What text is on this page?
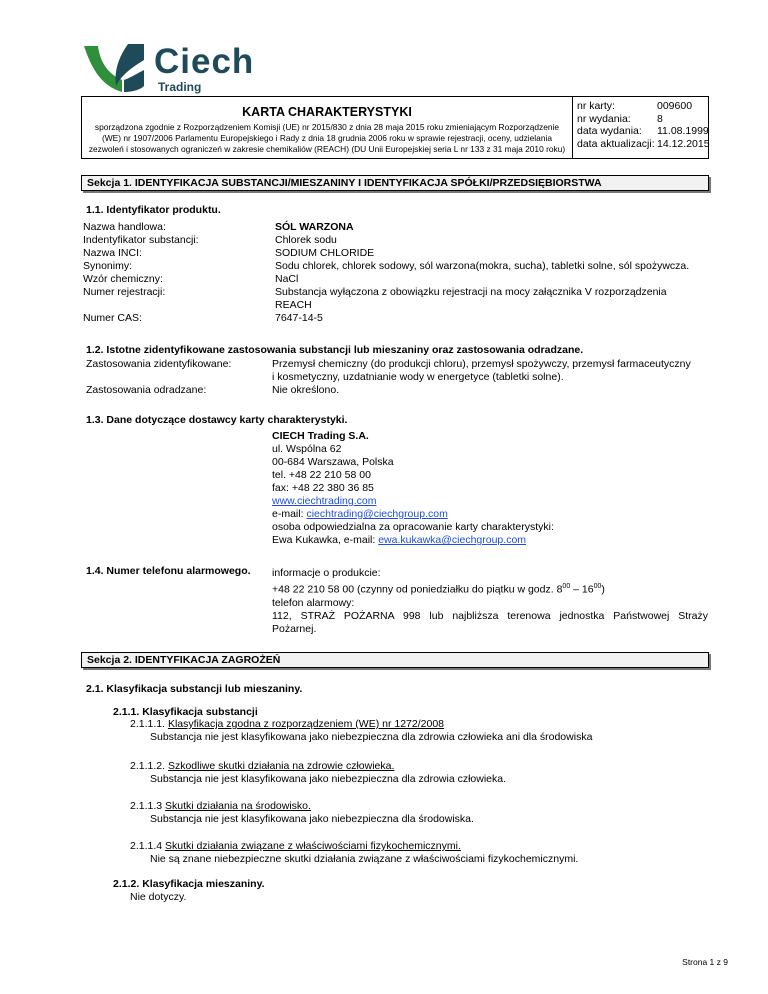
Ciech
Trading
KARTA CHARAKTERYSTYKI
sporządzona zgodnie z Rozporządzeniem Komisji (UE) nr 2015/830 z dnia 28 maja 2015 roku zmieniającym Rozporządzenie
(WE) nr 1907/2006 Parlamentu Europejskiego i Rady z dnia 18 grudnia 2006 roku w sprawie rejestracji, oceny, udzielania
zezwoleń i stosowanych ograniczeń w zakresie chemikaliów (REACH) (DU Unii Europejskiej seria L nr 133 z 31 maja 2010 roku)
nr karty:	009600
nr wydania:	8
data wydania:	11.08.1999
data aktualizacji: 14.12.2015
Sekcja 1. IDENTYFIKACJA SUBSTANCJI/MIESZANINY I IDENTYFIKACJA SPÓŁKI/PRZEDSIĘBIORSTWA
1.1. Identyfikator produktu.
Nazwa handlowa:	SÓL WARZONA
Indentyfikator substancji:	Chlorek sodu
Nazwa INCI:	SODIUM CHLORIDE
Synonimy:	Sodu chlorek, chlorek sodowy, sól warzona(mokra, sucha), tabletki solne, sól spożywcza.
Wzór chemiczny:	NaCl
Numer rejestracji:	Substancja wyłączona z obowiązku rejestracji na mocy załącznika V rozporządzenia
REACH
Numer CAS:	7647-14-5
1.2. Istotne zidentyfikowane zastosowania substancji lub mieszaniny oraz zastosowania odradzane.
Zastosowania zidentyfikowane:	Przemysł chemiczny (do produkcji chloru), przemysł spożywczy, przemysł farmaceutyczny
i kosmetyczny, uzdatnianie wody w energetyce (tabletki solne).
Zastosowania odradzane:	Nie określono.
1.3. Dane dotyczące dostawcy karty charakterystyki.
CIECH Trading S.A.
ul. Wspólna 62
00-684 Warszawa, Polska
tel. +48 22 210 58 00
fax: +48 22 380 36 85
www.ciechtrading.com
e-mail: ciechtrading@ciechgroup.com
osoba odpowiedzialna za opracowanie karty charakterystyki:
Ewa Kukawka, e-mail: ewa.kukawka@ciechgroup.com
1.4. Numer telefonu alarmowego. informacje o produkcie:
+48 22 210 58 00 (czynny od poniedziałku do piątku w godz. $8^{00} - 16^{00}$)
telefon alarmowy:
112, STRAŻ POŻARNA 998 lub najbliższa terenowa jednostka Państwowej Straży
Pożarnej.
Sekcja 2. IDENTYFIKACJA ZAGROŻEŃ
2.1. Klasyfikacja substancji lub mieszaniny.
2.1.1. Klasyfikacja substancji
2.1.1.1. Klasyfikacja zgodna z rozporządzeniem (WE) nr 1272/2008
Substancja nie jest klasyfikowana jako niebezpieczna dla zdrowia człowieka ani dla środowiska
2.1.1.2. Szkodliwe skutki działania na zdrowie człowieka.
Substancja nie jest klasyfikowana jako niebezpieczna dla zdrowia człowieka.
2.1.1.3 Skutki działania na środowisko.
Substancja nie jest klasyfikowana jako niebezpieczna dla środowiska.
2.1.1.4 Skutki działania związane z właściwościami fizykochemicznymi.
Nie są znane niebezpieczne skutki działania związane z właściwościami fizykochemicznymi.
2.1.2. Klasyfikacja mieszaniny.
Nie dotyczy.
Strona 1 z 9
